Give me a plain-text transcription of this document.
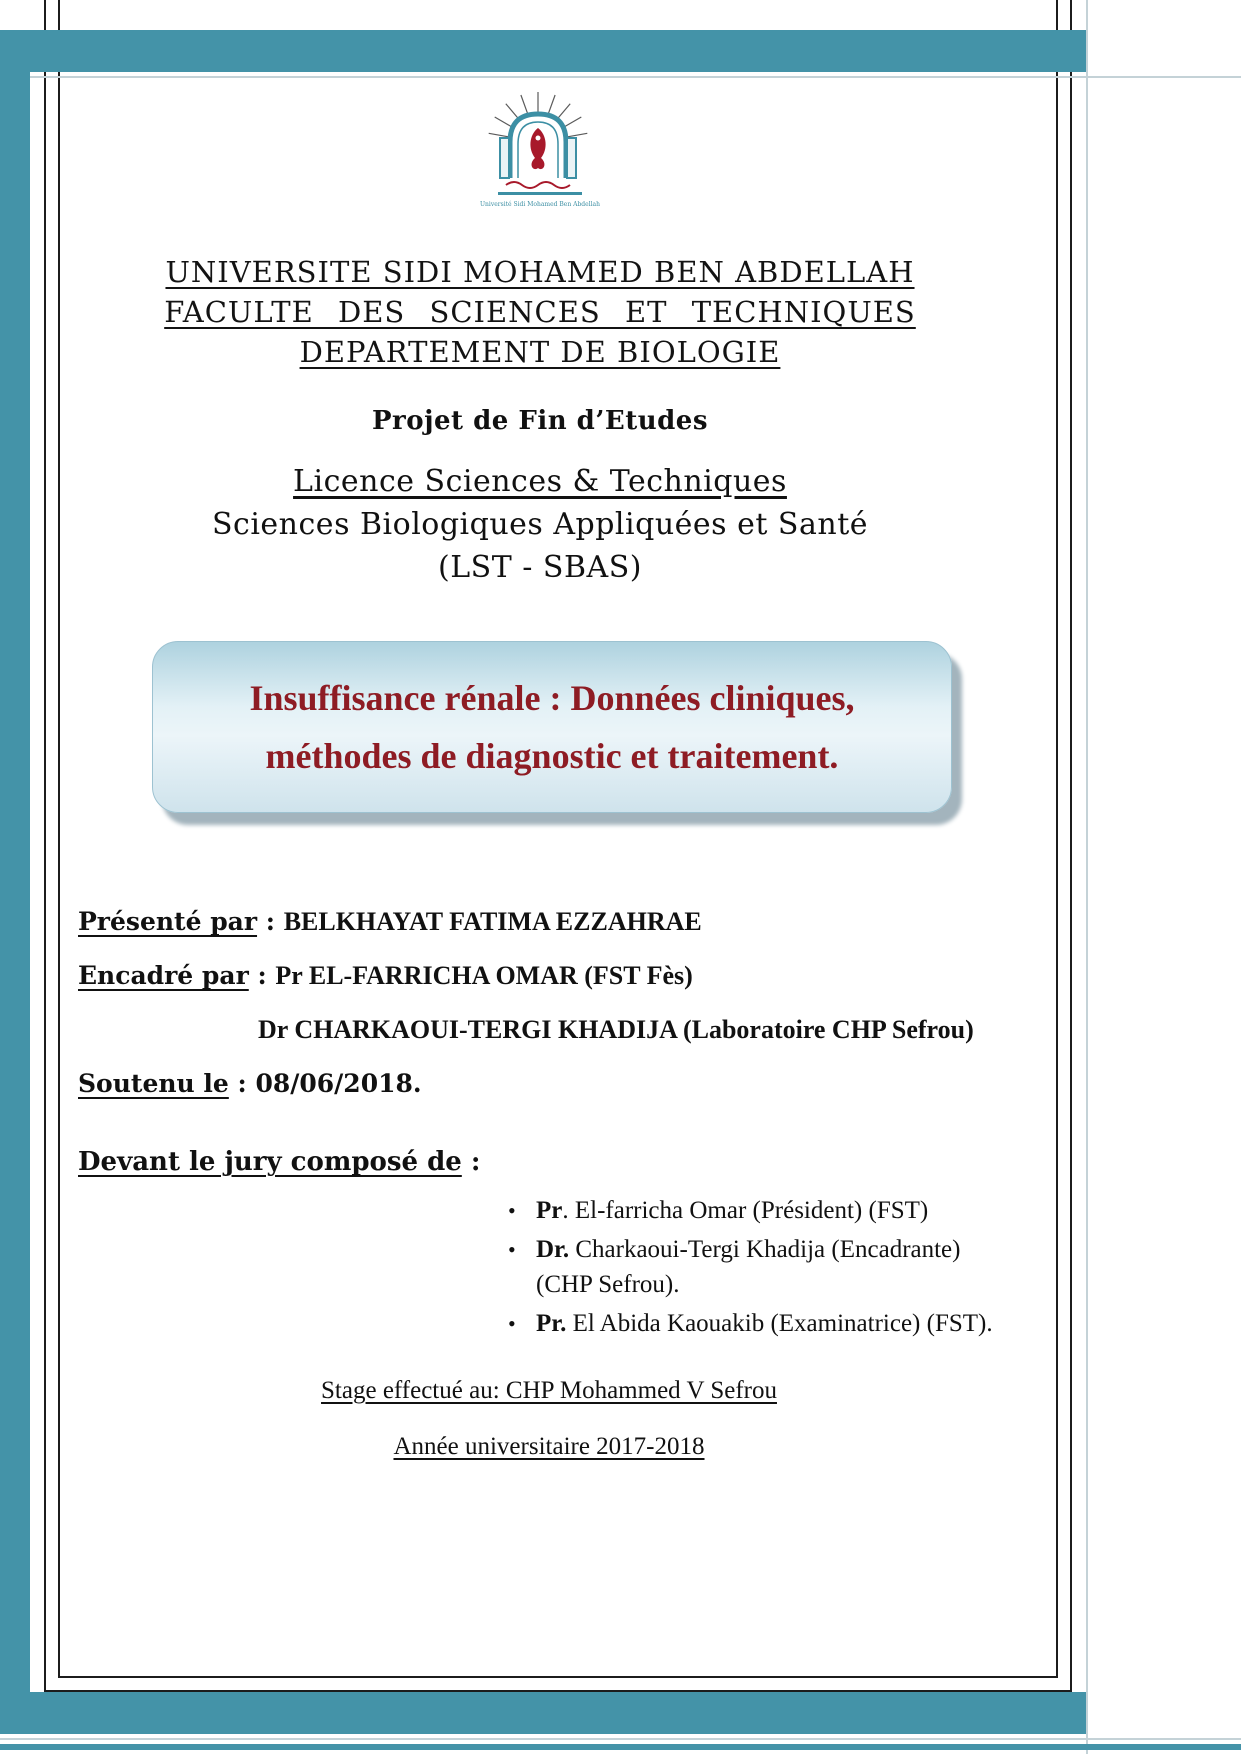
Université Sidi Mohamed Ben Abdellah
UNIVERSITE SIDI MOHAMED BEN ABDELLAH
FACULTE DES SCIENCES ET TECHNIQUES
DEPARTEMENT DE BIOLOGIE
Projet de Fin d’Etudes
Licence Sciences & Techniques
Sciences Biologiques Appliquées et Santé
(LST - SBAS)
Insuffisance rénale : Données cliniques,
méthodes de diagnostic et traitement.
Présenté par : BELKHAYAT FATIMA EZZAHRAE
Encadré par : Pr EL-FARRICHA OMAR (FST Fès)
Dr CHARKAOUI-TERGI KHADIJA (Laboratoire CHP Sefrou)
Soutenu le : 08/06/2018.
Devant le jury composé de :
• Pr. El-farricha Omar (Président) (FST)
• Dr. Charkaoui-Tergi Khadija (Encadrante)
(CHP Sefrou).
• Pr. El Abida Kaouakib (Examinatrice) (FST).
Stage effectué au: CHP Mohammed V Sefrou
Année universitaire 2017-2018
